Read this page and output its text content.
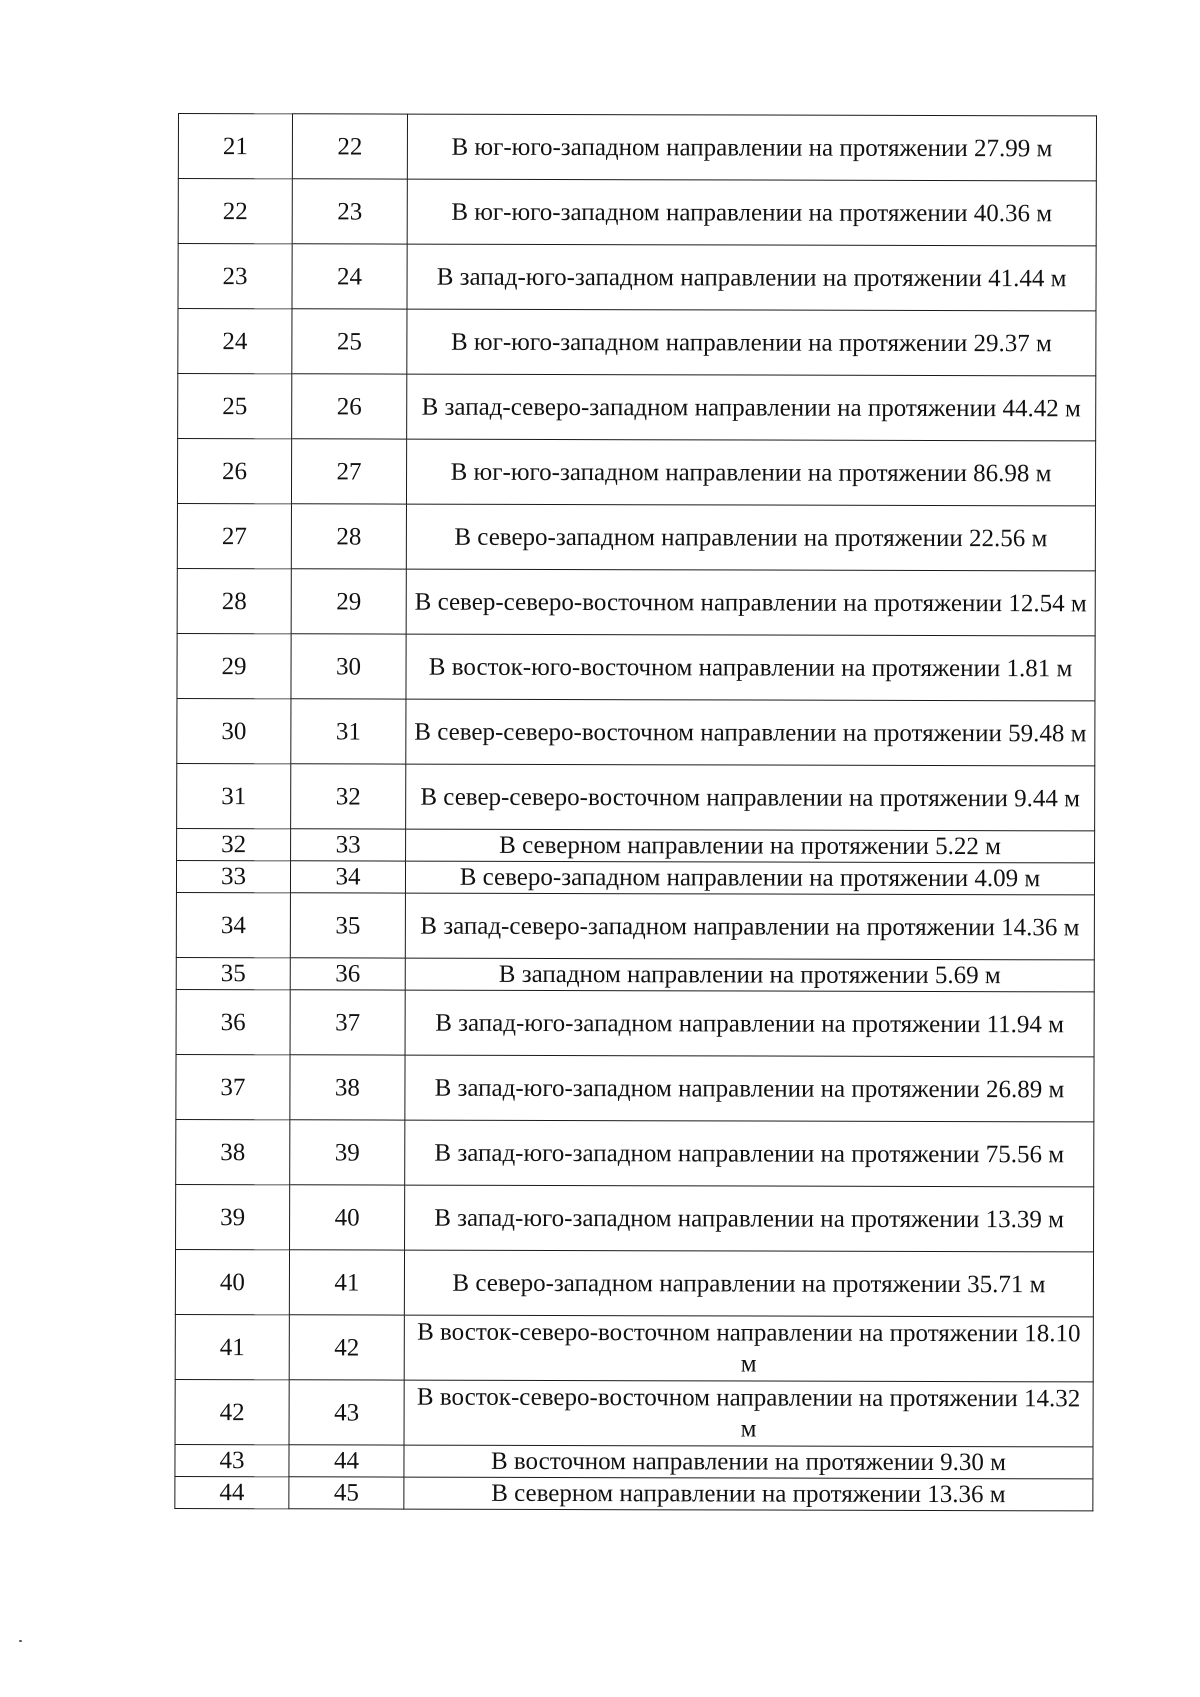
21	22	В юг-юго-западном направлении на протяжении 27.99 м
22	23	В юг-юго-западном направлении на протяжении 40.36 м
23	24	В запад-юго-западном направлении на протяжении 41.44 м
24	25	В юг-юго-западном направлении на протяжении 29.37 м
25	26	В запад-северо-западном направлении на протяжении 44.42 м
26	27	В юг-юго-западном направлении на протяжении 86.98 м
27	28	В северо-западном направлении на протяжении 22.56 м
28	29	В север-северо-восточном направлении на протяжении 12.54 м
29	30	В восток-юго-восточном направлении на протяжении 1.81 м
30	31	В север-северо-восточном направлении на протяжении 59.48 м
31	32	В север-северо-восточном направлении на протяжении 9.44 м
32	33	В северном направлении на протяжении 5.22 м
33	34	В северо-западном направлении на протяжении 4.09 м
34	35	В запад-северо-западном направлении на протяжении 14.36 м
35	36	В западном направлении на протяжении 5.69 м
36	37	В запад-юго-западном направлении на протяжении 11.94 м
37	38	В запад-юго-западном направлении на протяжении 26.89 м
38	39	В запад-юго-западном направлении на протяжении 75.56 м
39	40	В запад-юго-западном направлении на протяжении 13.39 м
40	41	В северо-западном направлении на протяжении 35.71 м
41	42	В восток-северо-восточном направлении на протяжении 18.10 м
42	43	В восток-северо-восточном направлении на протяжении 14.32 м
43	44	В восточном направлении на протяжении 9.30 м
44	45	В северном направлении на протяжении 13.36 м
